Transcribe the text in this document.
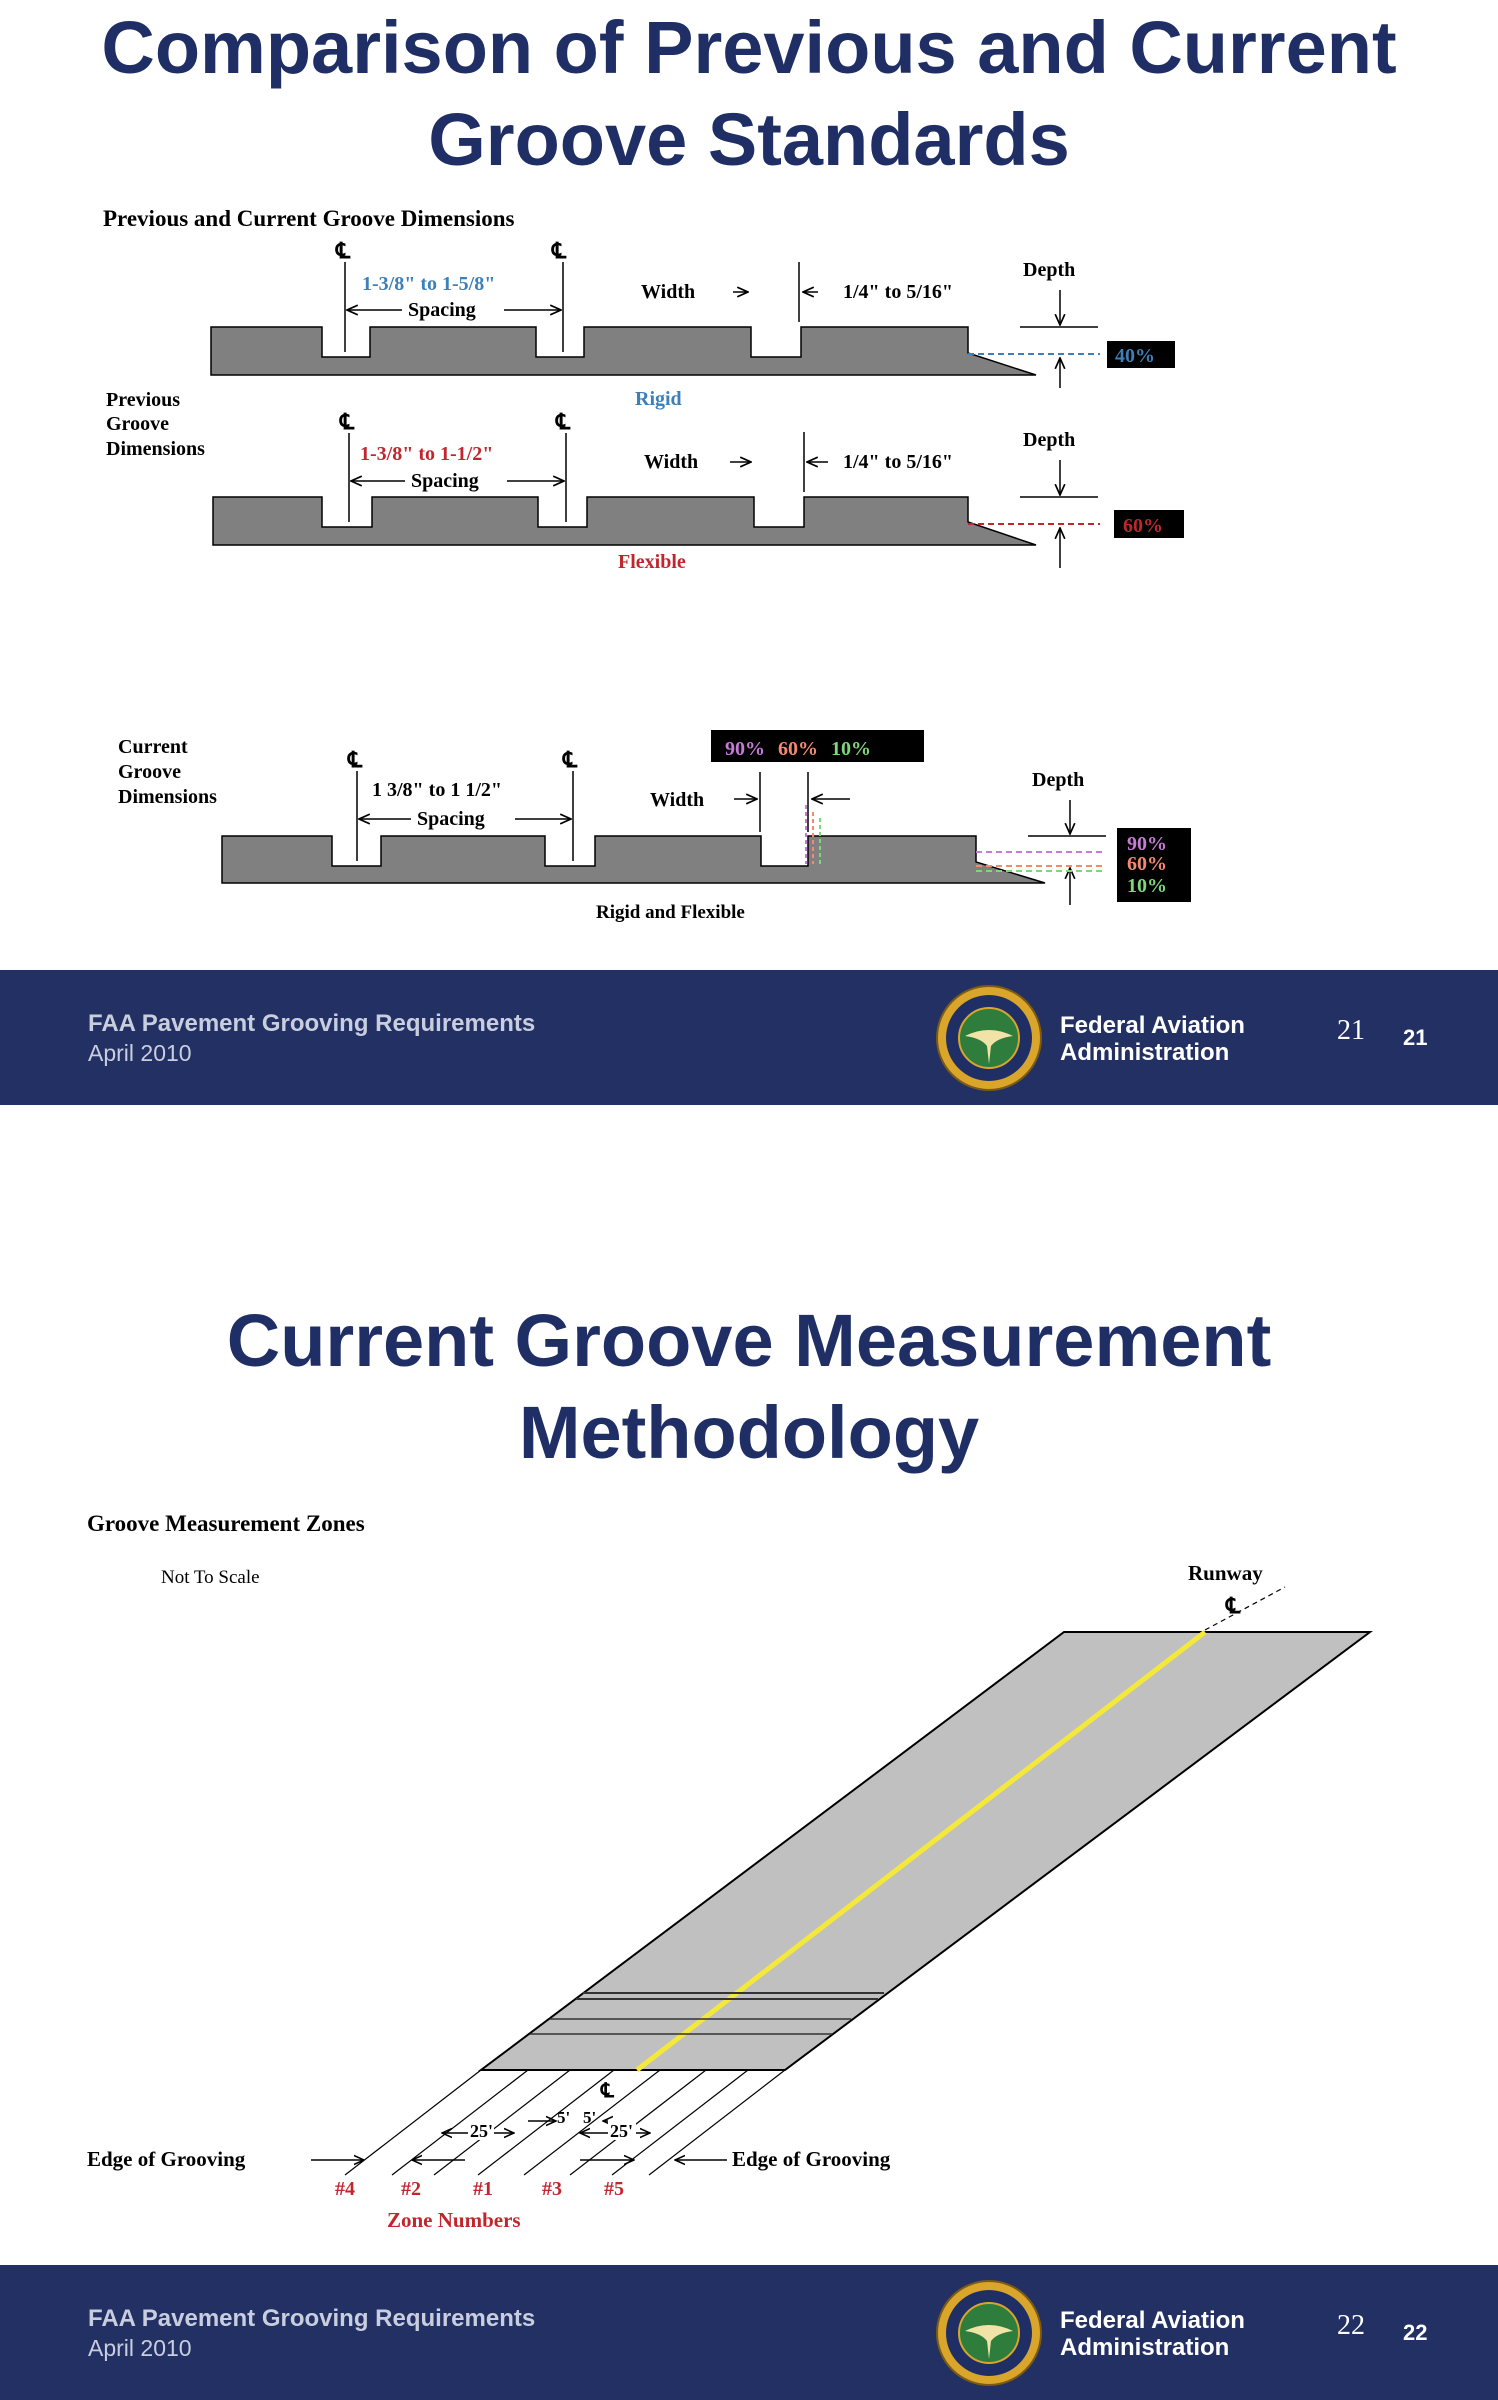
Comparison of Previous and Current
Groove Standards
Previous and Current Groove Dimensions
℄	℄
1-3/8" to 1-5/8"
Spacing
Width	1/4" to 5/16"
Depth
40%
Rigid
Previous Groove Dimensions
℄	℄
1-3/8" to 1-1/2"
Spacing
Width	1/4" to 5/16"
Depth
60%
Flexible
Current Groove Dimensions
90% 60% 10%
℄	℄
1 3/8" to 1 1/2"
Spacing
Width
Depth
90%
60%
10%
Rigid and Flexible
FAA Pavement Grooving Requirements
April 2010
Federal Aviation
Administration
21 21
Current Groove Measurement
Methodology
Groove Measurement Zones
Not To Scale	Runway
℄
℄
25'
5' 5'
25'
Edge of Grooving	Edge of Grooving
#4 #2	#1 #3 #5
Zone Numbers
FAA Pavement Grooving Requirements
April 2010
Federal Aviation
Administration
22 22
